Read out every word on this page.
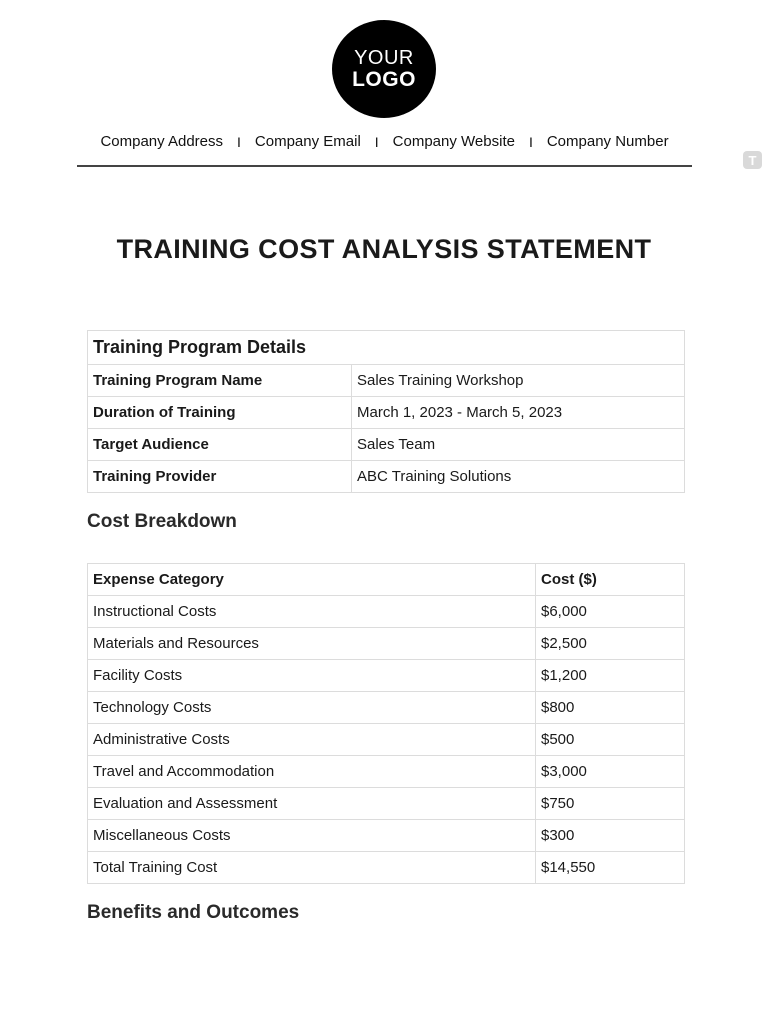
YOUR
LOGO
Company Address I Company Email I Company Website I Company Number
T
TRAINING COST ANALYSIS STATEMENT
Training Program Details	
Training Program Name	Sales Training Workshop
Duration of Training	March 1, 2023 - March 5, 2023
Target Audience	Sales Team
Training Provider	ABC Training Solutions
Cost Breakdown
Expense Category	Cost ($)
Instructional Costs	$6,000
Materials and Resources	$2,500
Facility Costs	$1,200
Technology Costs	$800
Administrative Costs	$500
Travel and Accommodation	$3,000
Evaluation and Assessment	$750
Miscellaneous Costs	$300
Total Training Cost	$14,550
Benefits and Outcomes
